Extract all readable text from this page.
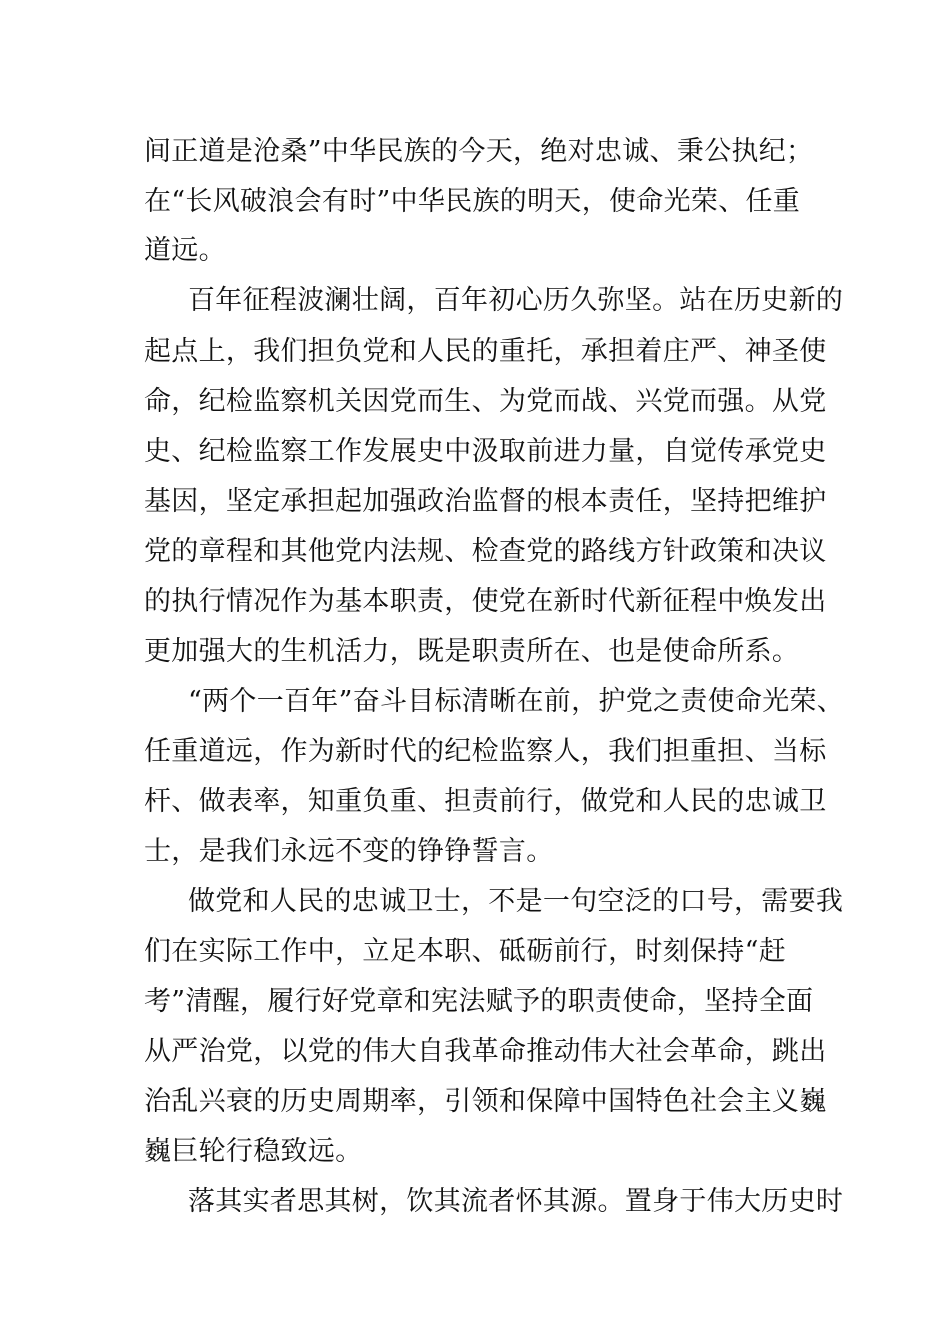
间正道是沧桑”中华民族的今天，绝对忠诚、秉公执纪；
在“长风破浪会有时”中华民族的明天，使命光荣、任重
道远。
百年征程波澜壮阔，百年初心历久弥坚。站在历史新的
起点上，我们担负党和人民的重托，承担着庄严、神圣使
命，纪检监察机关因党而生、为党而战、兴党而强。从党
史、纪检监察工作发展史中汲取前进力量，自觉传承党史
基因，坚定承担起加强政治监督的根本责任，坚持把维护
党的章程和其他党内法规、检查党的路线方针政策和决议
的执行情况作为基本职责，使党在新时代新征程中焕发出
更加强大的生机活力，既是职责所在、也是使命所系。
“两个一百年”奋斗目标清晰在前，护党之责使命光荣、
任重道远，作为新时代的纪检监察人，我们担重担、当标
杆、做表率，知重负重、担责前行，做党和人民的忠诚卫
士，是我们永远不变的铮铮誓言。
做党和人民的忠诚卫士，不是一句空泛的口号，需要我
们在实际工作中，立足本职、砥砺前行，时刻保持“赶
考”清醒，履行好党章和宪法赋予的职责使命，坚持全面
从严治党，以党的伟大自我革命推动伟大社会革命，跳出
治乱兴衰的历史周期率，引领和保障中国特色社会主义巍
巍巨轮行稳致远。
落其实者思其树，饮其流者怀其源。置身于伟大历史时
